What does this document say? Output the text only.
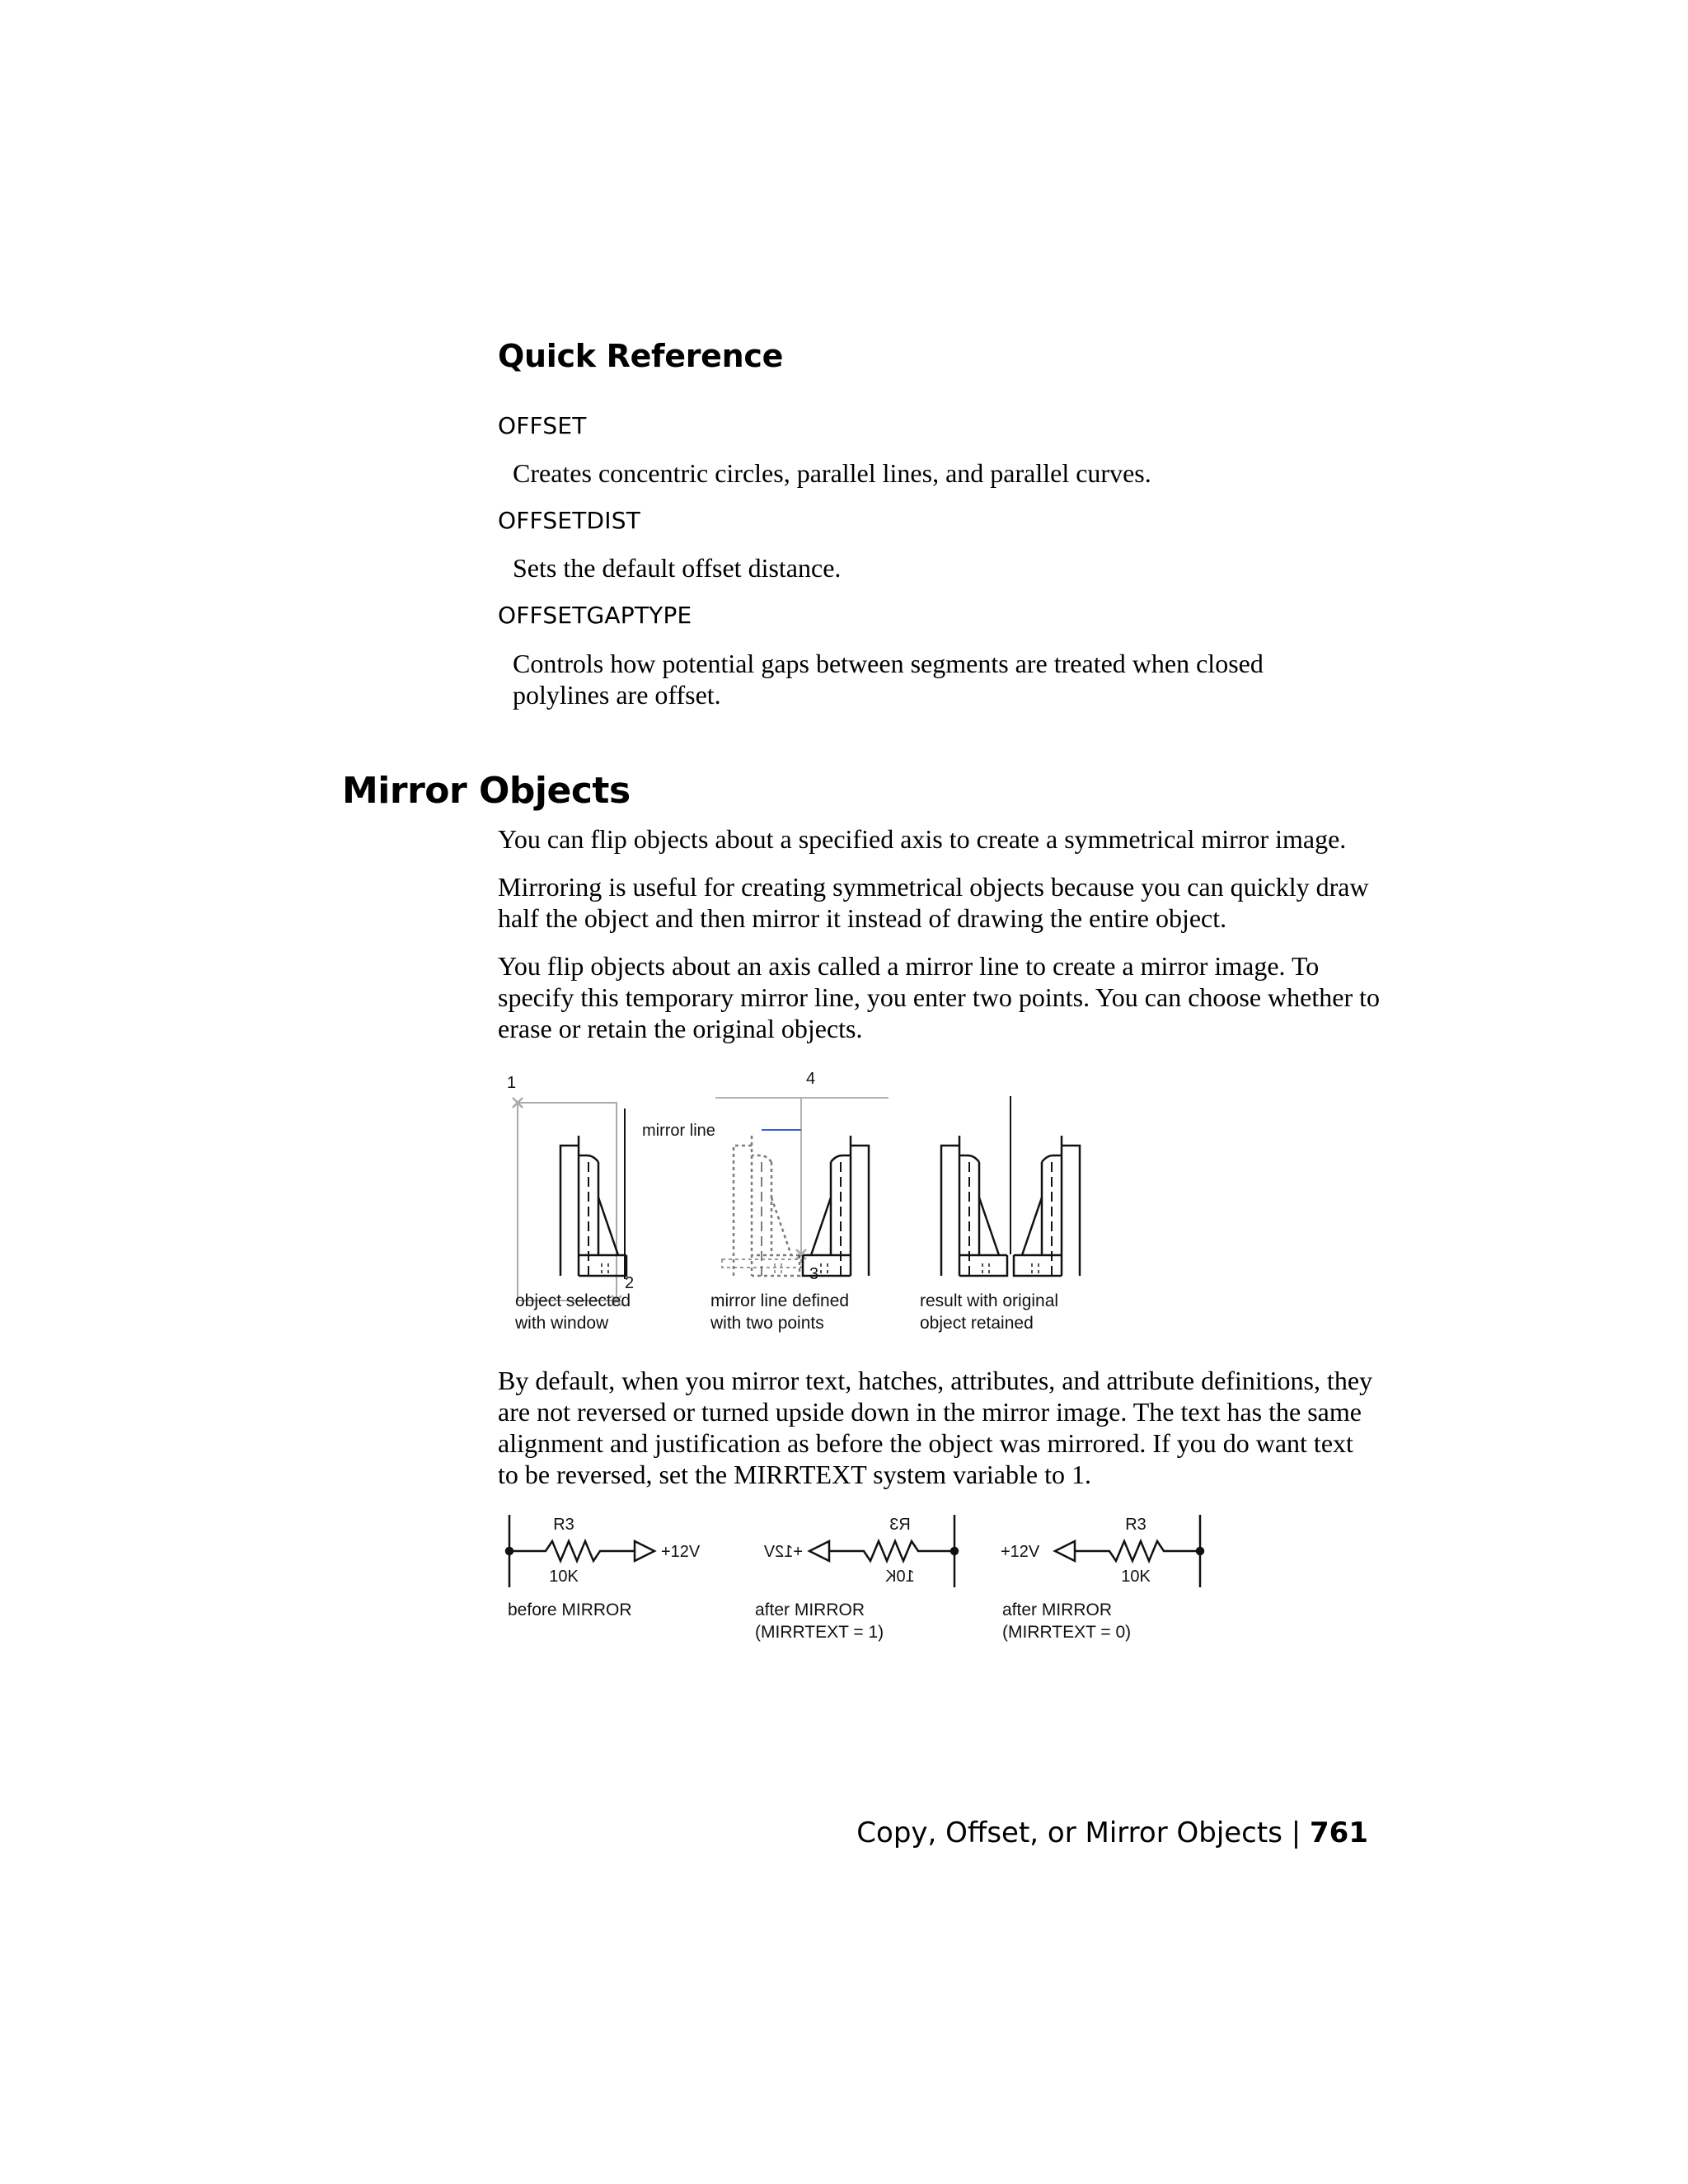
Quick Reference
OFFSET
Creates concentric circles, parallel lines, and parallel curves.
OFFSETDIST
Sets the default offset distance.
OFFSETGAPTYPE
Controls how potential gaps between segments are treated when closed polylines are offset.
Mirror Objects

You can flip objects about a specified axis to create a symmetrical mirror image.

Mirroring is useful for creating symmetrical objects because you can quickly draw half the object and then mirror it instead of drawing the entire object.

You flip objects about an axis called a mirror line to create a mirror image. To specify this temporary mirror line, you enter two points. You can choose whether to erase or retain the original objects.

1
2
mirror line
4
3
object selected
with window
mirror line defined
with two points
result with original
object retained

By default, when you mirror text, hatches, attributes, and attribute definitions, they are not reversed or turned upside down in the mirror image. The text has the same alignment and justification as before the object was mirrored. If you do want text to be reversed, set the MIRRTEXT system variable to 1.

R3
10K
+12V
R3
10K
+12V
R3
10K
+12V
before MIRROR	after MIRROR
(MIRRTEXT = 1)
after MIRROR
(MIRRTEXT = 0)
Copy, Offset, or Mirror Objects | 761
